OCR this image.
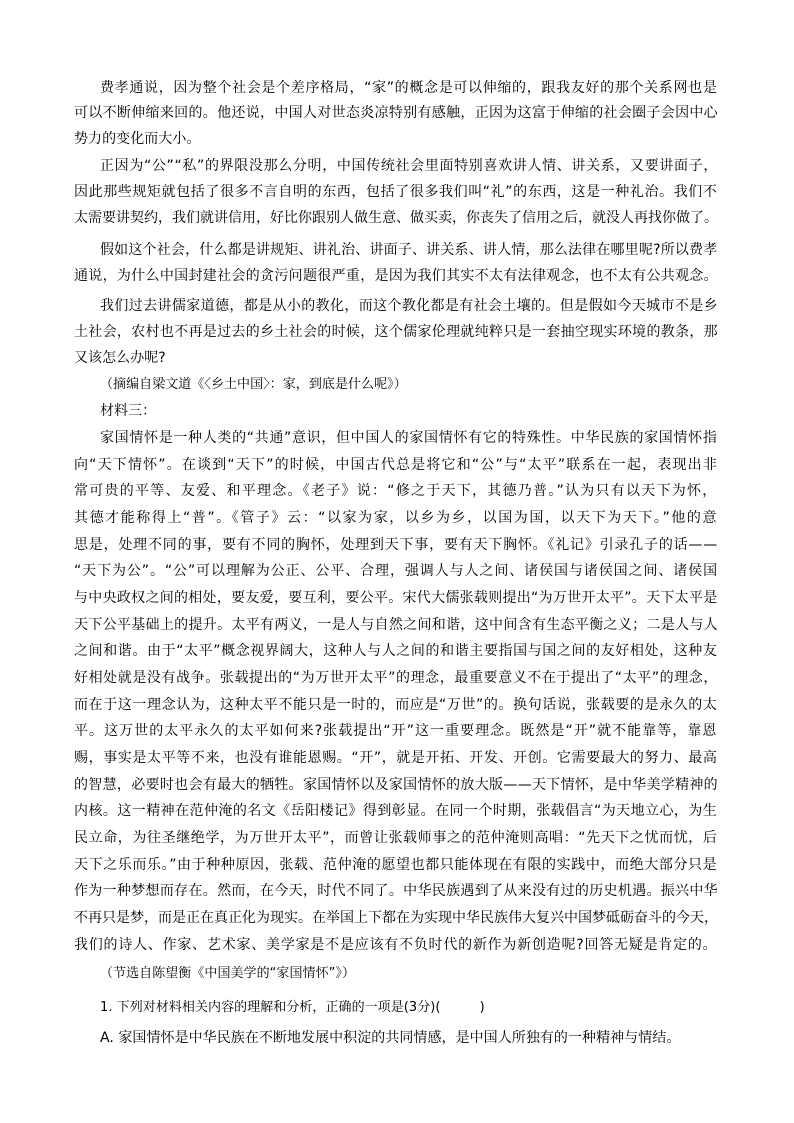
费孝通说，因为整个社会是个差序格局，“家”的概念是可以伸缩的，跟我友好的那个关系网也是
可以不断伸缩来回的。他还说，中国人对世态炎凉特别有感触，正因为这富于伸缩的社会圈子会因中心
势力的变化而大小。
正因为“公”“私”的界限没那么分明，中国传统社会里面特别喜欢讲人情、讲关系，又要讲面子，
因此那些规矩就包括了很多不言自明的东西，包括了很多我们叫“礼”的东西，这是一种礼治。我们不
太需要讲契约，我们就讲信用，好比你跟别人做生意、做买卖，你丧失了信用之后，就没人再找你做了。
假如这个社会，什么都是讲规矩、讲礼治、讲面子、讲关系、讲人情，那么法律在哪里呢?所以费孝
通说，为什么中国封建社会的贪污问题很严重，是因为我们其实不太有法律观念，也不太有公共观念。
我们过去讲儒家道德，都是从小的教化，而这个教化都是有社会土壤的。但是假如今天城市不是乡
土社会，农村也不再是过去的乡土社会的时候，这个儒家伦理就纯粹只是一套抽空现实环境的教条，那
又该怎么办呢?
（摘编自梁文道《〈乡土中国〉：家，到底是什么呢》）
材料三：
家国情怀是一种人类的“共通”意识，但中国人的家国情怀有它的特殊性。中华民族的家国情怀指
向“天下情怀”。在谈到“天下”的时候，中国古代总是将它和“公”与“太平”联系在一起，表现出非
常可贵的平等、友爱、和平理念。《老子》说：“修之于天下，其德乃普。”认为只有以天下为怀，
其德才能称得上“普”。《管子》云：“以家为家，以乡为乡，以国为国，以天下为天下。”他的意
思是，处理不同的事，要有不同的胸怀，处理到天下事，要有天下胸怀。《礼记》引录孔子的话——
“天下为公”。“公”可以理解为公正、公平、合理，强调人与人之间、诸侯国与诸侯国之间、诸侯国
与中央政权之间的相处，要友爱，要互利，要公平。宋代大儒张载则提出“为万世开太平”。天下太平是
天下公平基础上的提升。太平有两义，一是人与自然之间和谐，这中间含有生态平衡之义；二是人与人
之间和谐。由于“太平”概念视界阔大，这种人与人之间的和谐主要指国与国之间的友好相处，这种友
好相处就是没有战争。张载提出的“为万世开太平”的理念，最重要意义不在于提出了“太平”的理念，
而在于这一理念认为，这种太平不能只是一时的，而应是“万世”的。换句话说，张载要的是永久的太
平。这万世的太平永久的太平如何来?张载提出“开”这一重要理念。既然是“开”就不能靠等，靠恩
赐，事实是太平等不来，也没有谁能恩赐。“开”，就是开拓、开发、开创。它需要最大的努力、最高
的智慧，必要时也会有最大的牺牲。家国情怀以及家国情怀的放大版——天下情怀，是中华美学精神的
内核。这一精神在范仲淹的名文《岳阳楼记》得到彰显。在同一个时期，张载倡言“为天地立心，为生
民立命，为往圣继绝学，为万世开太平”，而曾让张载师事之的范仲淹则高唱：“先天下之忧而忧，后
天下之乐而乐。”由于种种原因，张载、范仲淹的愿望也都只能体现在有限的实践中，而绝大部分只是
作为一种梦想而存在。然而，在今天，时代不同了。中华民族遇到了从来没有过的历史机遇。振兴中华
不再只是梦，而是正在真正化为现实。在举国上下都在为实现中华民族伟大复兴中国梦砥砺奋斗的今天，
我们的诗人、作家、艺术家、美学家是不是应该有不负时代的新作为新创造呢?回答无疑是肯定的。
（节选自陈望衡《中国美学的“家国情怀”》）
1. 下列对材料相关内容的理解和分析，正确的一项是(3分)(　　　)
A. 家国情怀是中华民族在不断地发展中积淀的共同情感，是中国人所独有的一种精神与情结。
